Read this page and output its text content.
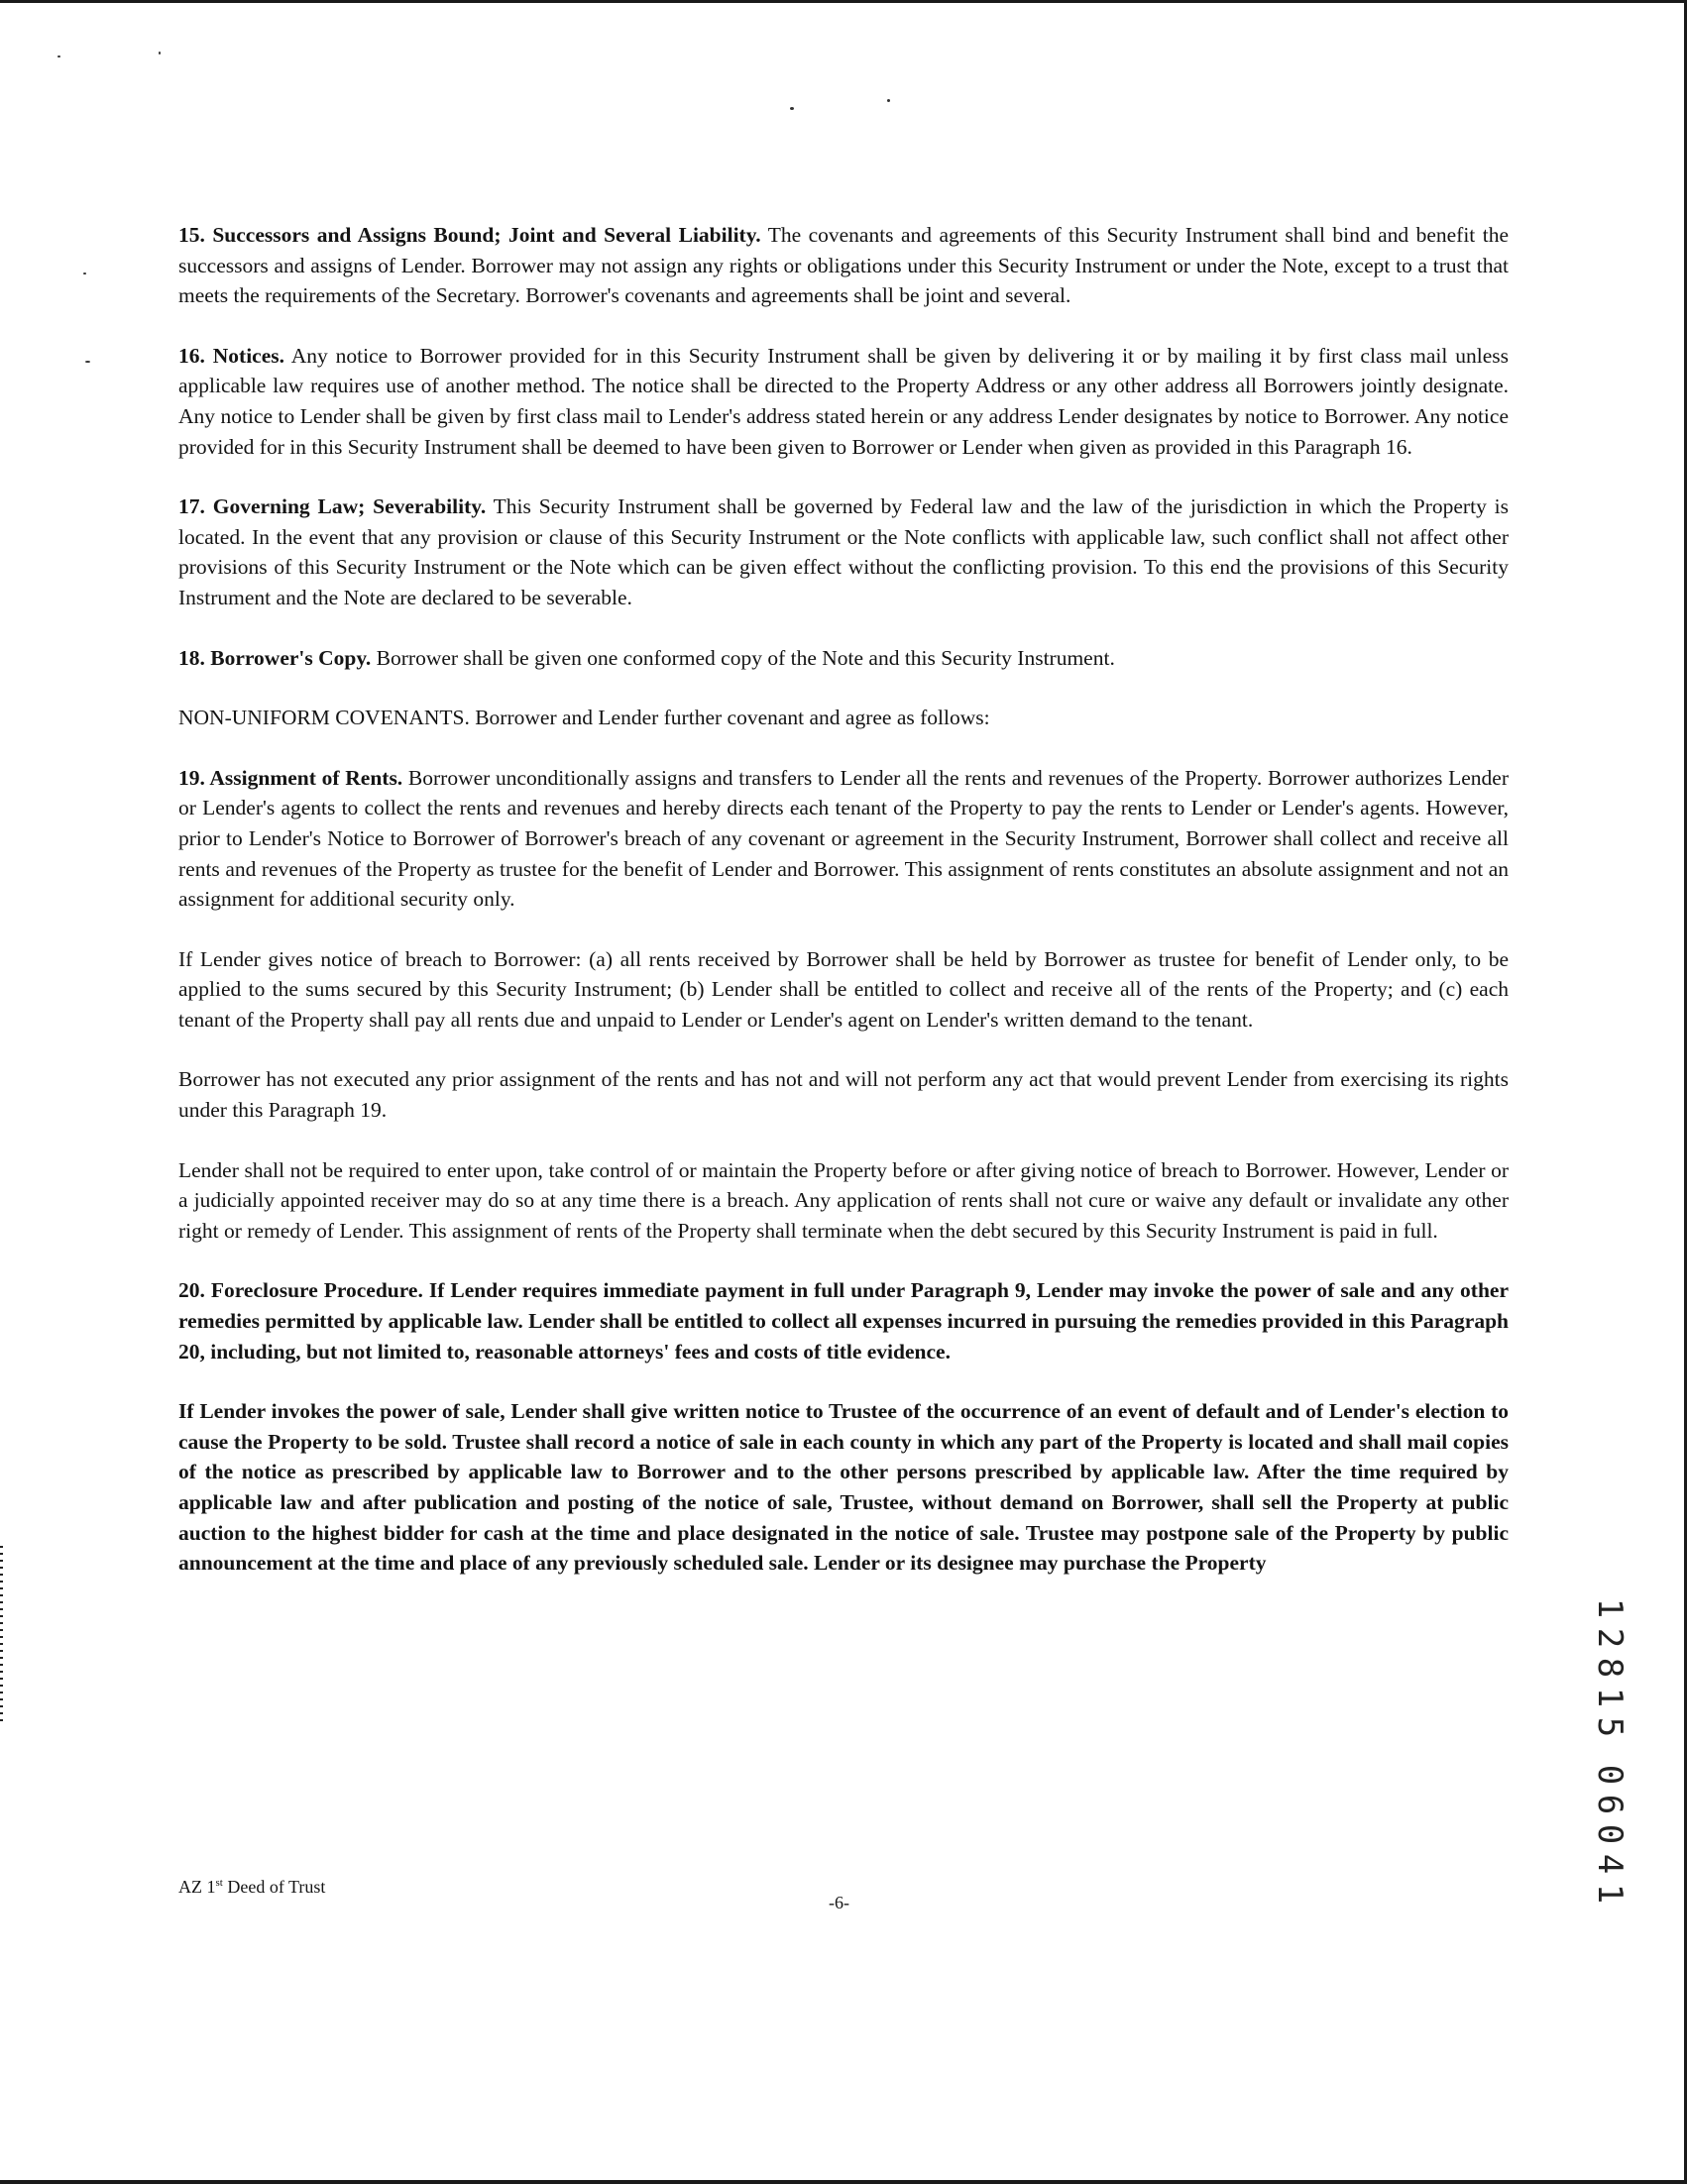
15. Successors and Assigns Bound; Joint and Several Liability. The covenants and agreements of this Security Instrument shall bind and benefit the successors and assigns of Lender. Borrower may not assign any rights or obligations under this Security Instrument or under the Note, except to a trust that meets the requirements of the Secretary. Borrower's covenants and agreements shall be joint and several.

16. Notices. Any notice to Borrower provided for in this Security Instrument shall be given by delivering it or by mailing it by first class mail unless applicable law requires use of another method. The notice shall be directed to the Property Address or any other address all Borrowers jointly designate. Any notice to Lender shall be given by first class mail to Lender's address stated herein or any address Lender designates by notice to Borrower. Any notice provided for in this Security Instrument shall be deemed to have been given to Borrower or Lender when given as provided in this Paragraph 16.

17. Governing Law; Severability. This Security Instrument shall be governed by Federal law and the law of the jurisdiction in which the Property is located. In the event that any provision or clause of this Security Instrument or the Note conflicts with applicable law, such conflict shall not affect other provisions of this Security Instrument or the Note which can be given effect without the conflicting provision. To this end the provisions of this Security Instrument and the Note are declared to be severable.

18. Borrower's Copy. Borrower shall be given one conformed copy of the Note and this Security Instrument.

NON-UNIFORM COVENANTS. Borrower and Lender further covenant and agree as follows:

19. Assignment of Rents. Borrower unconditionally assigns and transfers to Lender all the rents and revenues of the Property. Borrower authorizes Lender or Lender's agents to collect the rents and revenues and hereby directs each tenant of the Property to pay the rents to Lender or Lender's agents. However, prior to Lender's Notice to Borrower of Borrower's breach of any covenant or agreement in the Security Instrument, Borrower shall collect and receive all rents and revenues of the Property as trustee for the benefit of Lender and Borrower. This assignment of rents constitutes an absolute assignment and not an assignment for additional security only.

If Lender gives notice of breach to Borrower: (a) all rents received by Borrower shall be held by Borrower as trustee for benefit of Lender only, to be applied to the sums secured by this Security Instrument; (b) Lender shall be entitled to collect and receive all of the rents of the Property; and (c) each tenant of the Property shall pay all rents due and unpaid to Lender or Lender's agent on Lender's written demand to the tenant.

Borrower has not executed any prior assignment of the rents and has not and will not perform any act that would prevent Lender from exercising its rights under this Paragraph 19.

Lender shall not be required to enter upon, take control of or maintain the Property before or after giving notice of breach to Borrower. However, Lender or a judicially appointed receiver may do so at any time there is a breach. Any application of rents shall not cure or waive any default or invalidate any other right or remedy of Lender. This assignment of rents of the Property shall terminate when the debt secured by this Security Instrument is paid in full.

20. Foreclosure Procedure. If Lender requires immediate payment in full under Paragraph 9, Lender may invoke the power of sale and any other remedies permitted by applicable law. Lender shall be entitled to collect all expenses incurred in pursuing the remedies provided in this Paragraph 20, including, but not limited to, reasonable attorneys' fees and costs of title evidence.

If Lender invokes the power of sale, Lender shall give written notice to Trustee of the occurrence of an event of default and of Lender's election to cause the Property to be sold. Trustee shall record a notice of sale in each county in which any part of the Property is located and shall mail copies of the notice as prescribed by applicable law to Borrower and to the other persons prescribed by applicable law. After the time required by applicable law and after publication and posting of the notice of sale, Trustee, without demand on Borrower, shall sell the Property at public auction to the highest bidder for cash at the time and place designated in the notice of sale. Trustee may postpone sale of the Property by public announcement at the time and place of any previously scheduled sale. Lender or its designee may purchase the Property

AZ 1st Deed of Trust
-6-
1
2
8
1
5
0
6
0
4
1
